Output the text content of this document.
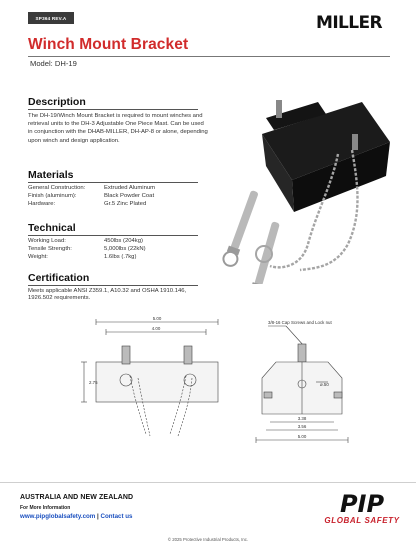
SP364 REV.A	MILLER
Winch Mount Bracket
Model: DH-19
Description
The DH-19/Winch Mount Bracket is required to mount winches and retrieval units to the DH-3 Adjustable One Piece Mast. Can be used in conjunction with the DHAB-MILLER, DH-AP-8 or alone, depending upon winch and design application.
Materials
General Construction:	Extruded Aluminum
Finish (aluminum):	Black Powder Coat
Hardware:	Gr.5 Zinc Plated
Technical
Working Load:	450lbs (204kg)
Tensile Strength:	5,000lbs (22kN)
Weight:	1.6lbs (.7kg)
Certification
Meets applicable ANSI Z359.1, A10.32 and OSHA 1910.146, 1926.502 requirements.
5.00
4.00
2.75
3/8-16 Cap Screws and Lock nut
ø.50
3.38
3.56
5.00
AUSTRALIA AND NEW ZEALAND
For More Information
www.pipglobalsafety.com | Contact us	PIP
GLOBAL SAFETY
© 2025 Protective Industrial Products, Inc.
